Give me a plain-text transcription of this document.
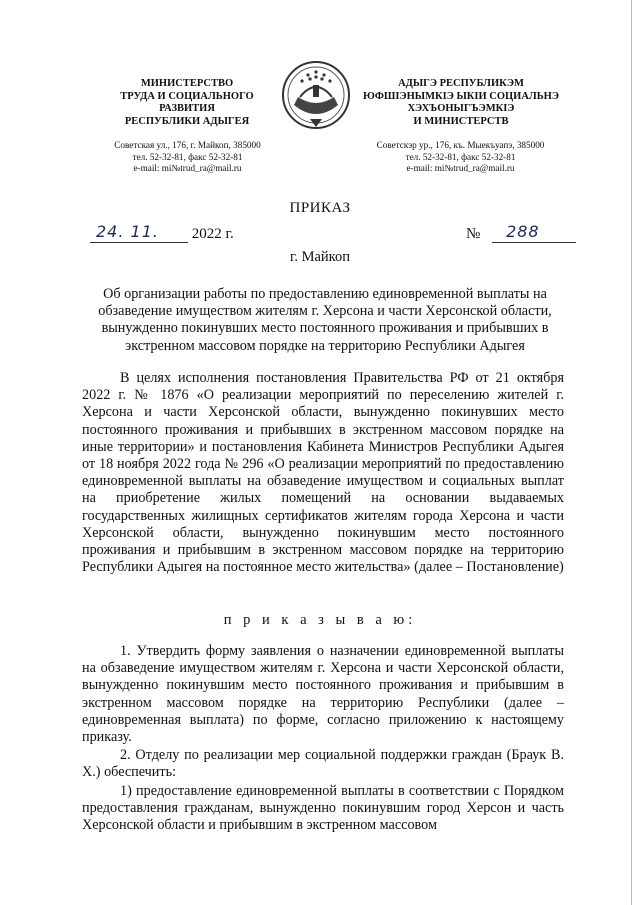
МИНИСТЕРСТВО
ТРУДА И СОЦИАЛЬНОГО
РАЗВИТИЯ
РЕСПУБЛИКИ АДЫГЕЯ
Советская ул., 176, г. Майкоп, 385000
тел. 52-32-81, факс 52-32-81
e-mail: mi№trud_ra@mail.ru
АДЫГЭ РЕСПУБЛИКЭМ
ЮФШІЭНЫМКІЭ ЫКІИ СОЦИАЛЬНЭ
ХЭХЪОНЫГЪЭМКІЭ
И МИНИСТЕРСТВ
Советскэр ур., 176, къ. Мыекъуапэ, 385000
тел. 52-32-81, факс 52-32-81
e-mail: mi№trud_ra@mail.ru
ПРИКАЗ
24. 11. 2022 г.	№ 288
г. Майкоп
Об организации работы по предоставлению единовременной выплаты на обзаведение имуществом жителям г. Херсона и части Херсонской области, вынужденно покинувших место постоянного проживания и прибывших в экстренном массовом порядке на территорию Республики Адыгея
В целях исполнения постановления Правительства РФ от 21 октября 2022 г. № 1876 «О реализации мероприятий по переселению жителей г. Херсона и части Херсонской области, вынужденно покинувших место постоянного проживания и прибывших в экстренном массовом порядке на иные территории» и постановления Кабинета Министров Республики Адыгея от 18 ноября 2022 года № 296 «О реализации мероприятий по предоставлению единовременной выплаты на обзаведение имуществом и социальных выплат на приобретение жилых помещений на основании выдаваемых государственных жилищных сертификатов жителям города Херсона и части Херсонской области, вынужденно покинувшим место постоянного проживания и прибывшим в экстренном массовом порядке на территорию Республики Адыгея на постоянное место жительства» (далее – Постановление)
п р и к а з ы в а ю:
1. Утвердить форму заявления о назначении единовременной выплаты на обзаведение имуществом жителям г. Херсона и части Херсонской области, вынужденно покинувшим место постоянного проживания и прибывшим в экстренном массовом порядке на территорию Республики (далее – единовременная выплата) по форме, согласно приложению к настоящему приказу.
2. Отделу по реализации мер социальной поддержки граждан (Браук В. Х.) обеспечить:
1) предоставление единовременной выплаты в соответствии с Порядком предоставления гражданам, вынужденно покинувшим город Херсон и часть Херсонской области и прибывшим в экстренном массовом
